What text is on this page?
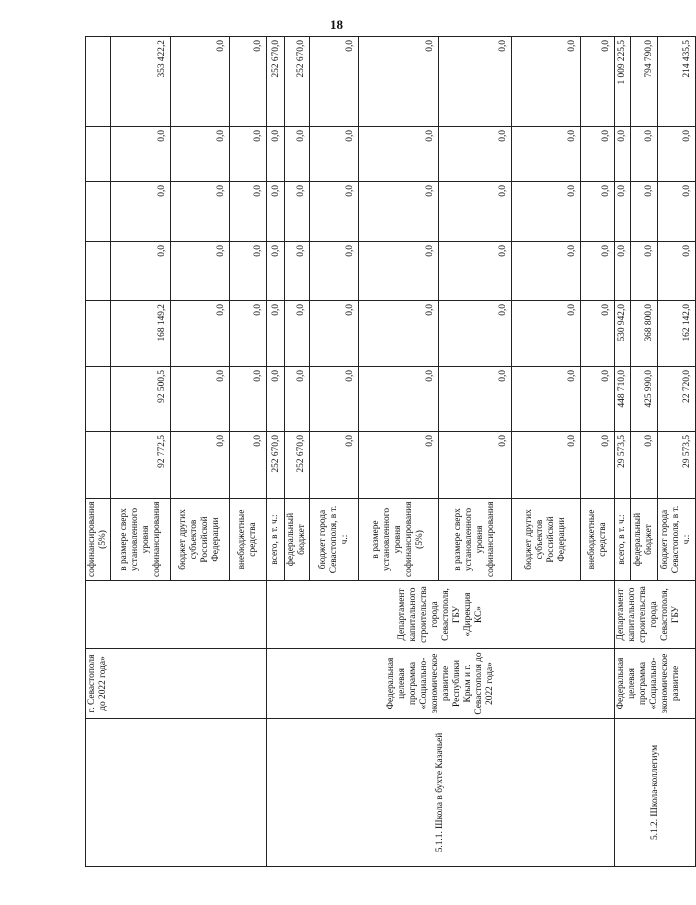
18
	г. Севастополя до 2022 года»		софинансирования (5%)							
			в размере сверх установленного уровня софинансирования	92 772,5	92 500,5	168 149,2	0,0	0,0	0,0	353 422,2
			бюджет других субъектов Российской Федерации	0,0	0,0	0,0	0,0	0,0	0,0	0,0
			внебюджетные средства	0,0	0,0	0,0	0,0	0,0	0,0	0,0
5.1.1. Школа в бухте Казачьей	Федеральная целевая программа «Социально-экономическое развитие Республики Крым и г. Севастополя до 2022 года»	Департамент капитального строительства города Севастополя, ГБУ «Дирекция КС»	всего, в т. ч.:	252 670,0	0,0	0,0	0,0	0,0	0,0	252 670,0
			федеральный бюджет	252 670,0	0,0	0,0	0,0	0,0	0,0	252 670,0
			бюджет города Севастополя, в т. ч.:	0,0	0,0	0,0	0,0	0,0	0,0	0,0
			в размере установленного уровня софинансирования (5%)	0,0	0,0	0,0	0,0	0,0	0,0	0,0
			в размере сверх установленного уровня софинансирования	0,0	0,0	0,0	0,0	0,0	0,0	0,0
			бюджет других субъектов Российской Федерации	0,0	0,0	0,0	0,0	0,0	0,0	0,0
			внебюджетные средства	0,0	0,0	0,0	0,0	0,0	0,0	0,0
5.1.2. Школа-коллегиум	Федеральная целевая программа «Социально-экономическое развитие	Департамент капитального строительства города Севастополя, ГБУ	всего, в т. ч.:	29 573,5	448 710,0	530 942,0	0,0	0,0	0,0	1 009 225,5
			федеральный бюджет	0,0	425 990,0	368 800,0	0,0	0,0	0,0	794 790,0
			бюджет города Севастополя, в т. ч.:	29 573,5	22 720,0	162 142,0	0,0	0,0	0,0	214 435,5
